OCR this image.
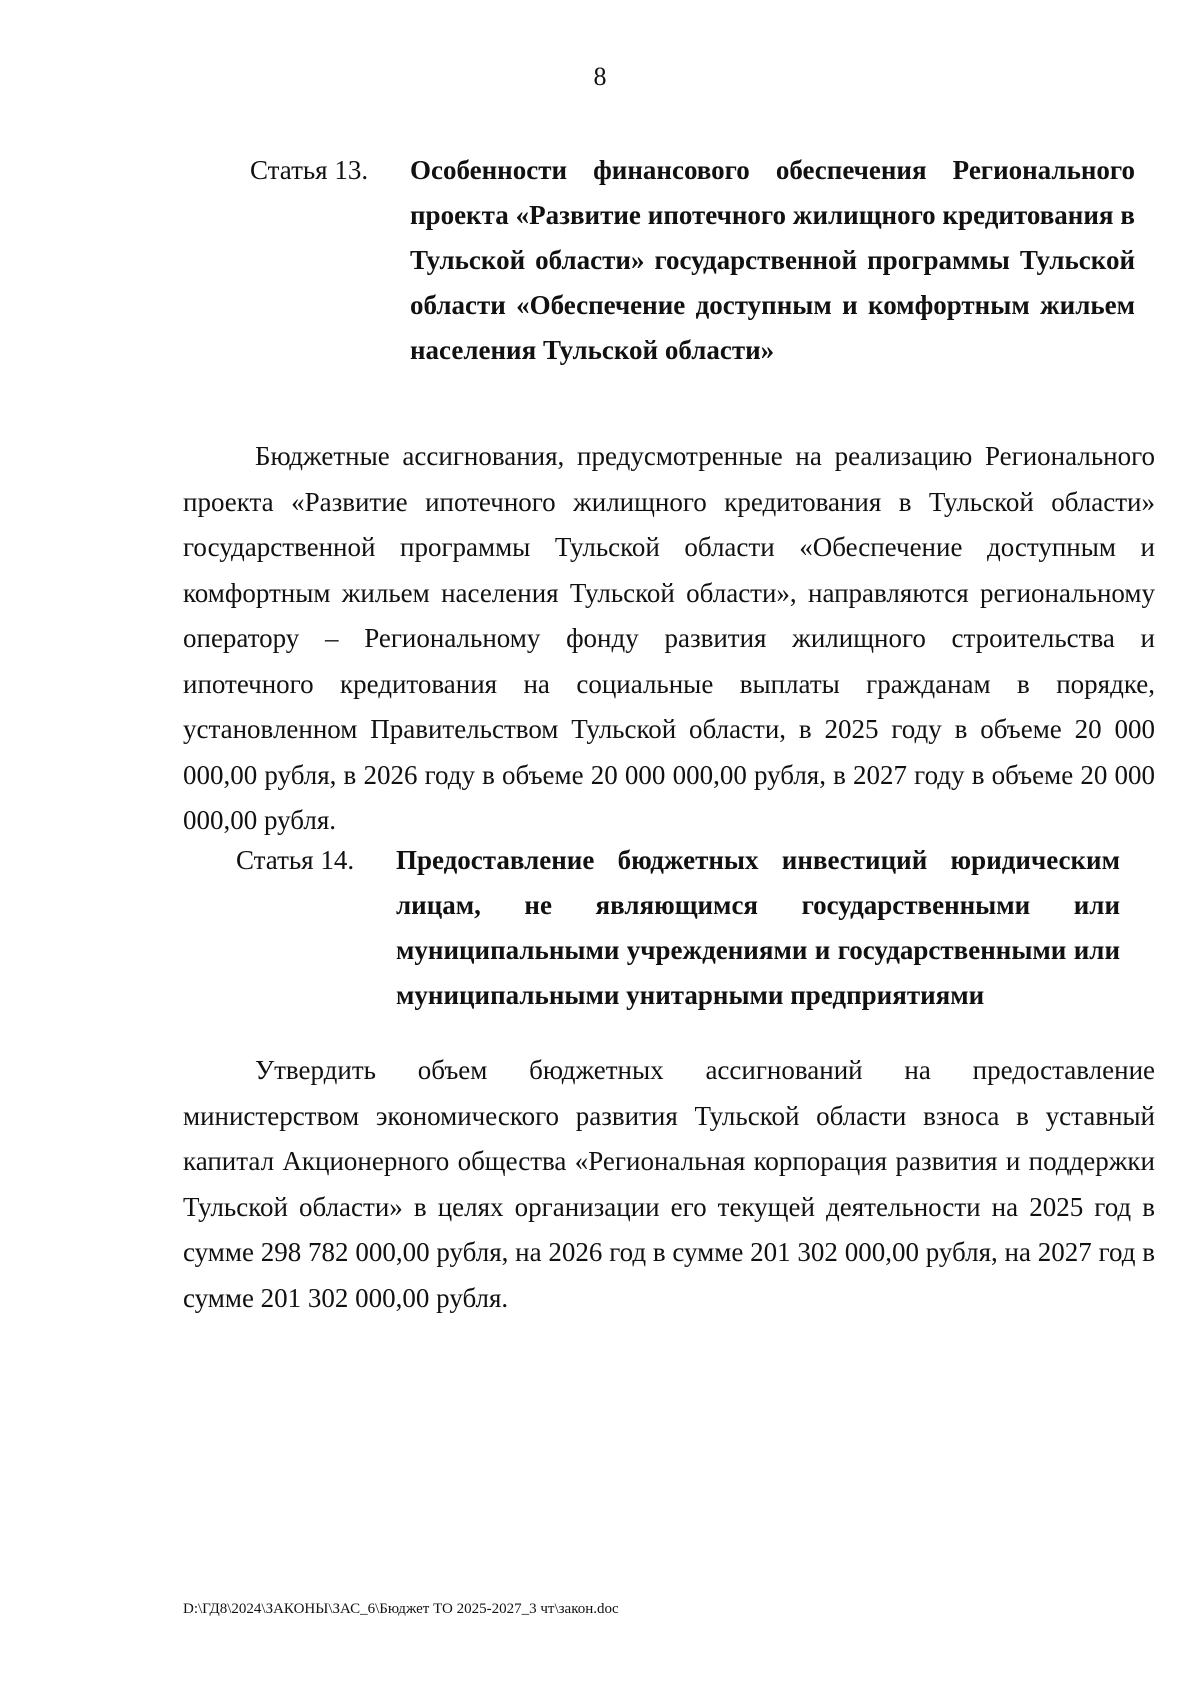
8
Статья 13.	Особенности финансового обеспечения Регионального проекта «Развитие ипотечного жилищного кредитования в Тульской области» государственной программы Тульской области «Обеспечение доступным и комфортным жильем населения Тульской области»

Бюджетные ассигнования, предусмотренные на реализацию Регионального проекта «Развитие ипотечного жилищного кредитования в Тульской области» государственной программы Тульской области «Обеспечение доступным и комфортным жильем населения Тульской области», направляются региональному оператору – Региональному фонду развития жилищного строительства и ипотечного кредитования на социальные выплаты гражданам в порядке, установленном Правительством Тульской области, в 2025 году в объеме 20 000 000,00 рубля, в 2026 году в объеме 20 000 000,00 рубля, в 2027 году в объеме 20 000 000,00 рубля.

Статья 14.	Предоставление бюджетных инвестиций юридическим лицам, не являющимся государственными или муниципальными учреждениями и государственными или муниципальными унитарными предприятиями

Утвердить объем бюджетных ассигнований на предоставление министерством экономического развития Тульской области взноса в уставный капитал Акционерного общества «Региональная корпорация развития и поддержки Тульской области» в целях организации его текущей деятельности на 2025 год в сумме 298 782 000,00 рубля, на 2026 год в сумме 201 302 000,00 рубля, на 2027 год в сумме 201 302 000,00 рубля.

D:\ГД8\2024\ЗАКОНЫ\ЗАС_6\Бюджет ТО 2025-2027_3 чт\закон.doc
